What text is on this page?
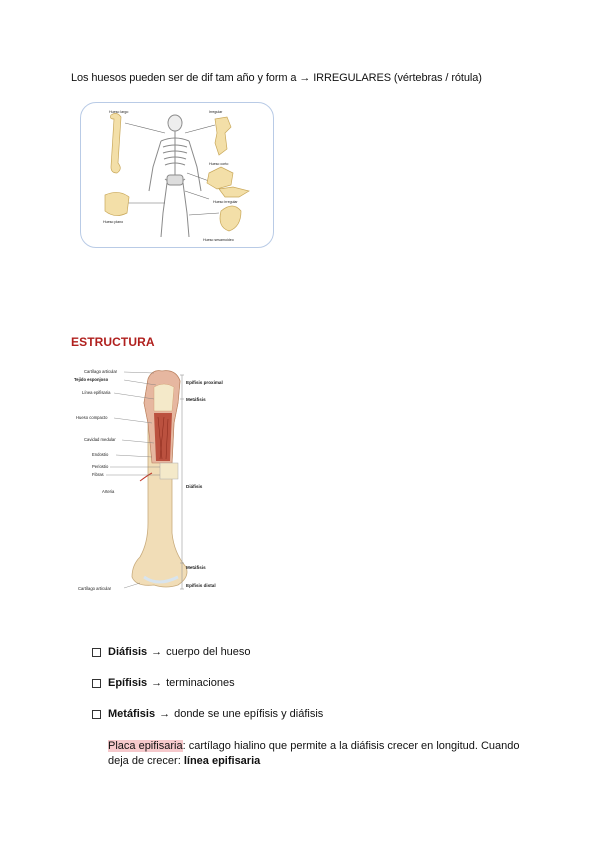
Los huesos pueden ser de dif tam año y form a → IRREGULARES (vértebras / rótula)
Hueso largo	Irregular
Hueso corto
Hueso irregular
Hueso plano
Hueso sesamoideo
ESTRUCTURA
Cartílago articular
Tejido esponjoso
Línea epifisaria
Hueso compacto
Cavidad medular
Endostio
Periostio
Fibras
Arteria
Cartílago articular
Epífisis proximal
Metáfisis
Diáfisis
Metáfisis
Epífisis distal
Diáfisis → cuerpo del hueso
Epífisis → terminaciones
Metáfisis → donde se une epífisis y diáfisis
Placa epifisaria: cartílago hialino que permite a la diáfisis crecer en longitud. Cuando deja de crecer: línea epifisaria
